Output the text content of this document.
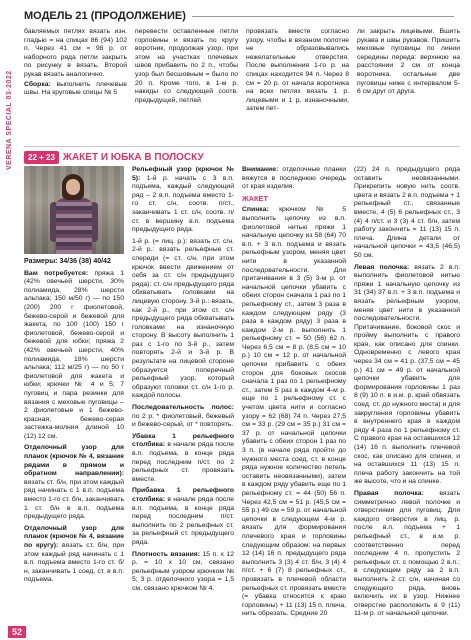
VERENA SPECIAL 03-2022
МОДЕЛЬ 21 (ПРОДОЛЖЕНИЕ)

бавляемых петлях вязать изн. гладью = на спицах 86 (94) 102 п. Через 41 см = 98 р. от наборного ряда петли закрыть по рисунку в вязать. Второй рукав вязать аналогично.

Сборка: выполнить плечевые швы. На круговые спицы № 5

перевести оставленные петли горловины и вязать по кругу воротник, продолжая узор, при этом на участках плечевых швов прибавить по 2 п., чтобы узор был бесшовным = было по 20 п. Кроме того, в 1-м р. накиды со следующей соотв. предыдущей, петлей

провязать вместе согласно узору, чтобы в вязаном полотне не образовывались нежелательные отверстия. После выполнения 1-го р. на спицах находится 94 п. Через 8 см = 20 р. от начала воротника на всех петлях вязать 1 р. лицевыми и 1 р. изнаночными, затем пет-

ли закрыть лицевыми. Вшить рукава и швы рукавов. Пришить меховые пуговицы по линии середины переда: верхнюю на расстоянии 2 см от конца воротника, остальные две пуговицы ниже с интервалом 5-6 см друг от друга.

22 + 23 ЖАКЕТ И ЮБКА В ПОЛОСКУ

Размеры: 34/36 (38) 40/42

Вам потребуется: пряжа 1 (42% овечьей шерсти, 30% полиамида, 28% шерсти альпака; 150 м/50 г) — по 150 (200) 200 г фиолетовой, бежево-серой и бежевой для жакета, по 100 (100) 150 г фиолетовой, бежево-серой и бежевой для юбки; пряжа 2 (42% овечьей шерсти, 40% полиамида, 18% шерсти альпака; 112 м/25 г) — по 50 г фиолетовой для жакета и юбки; крючки № 4 и 5; 7 пуговиц и пара резинки для вязания с меховые пуговицы – 2 фиолетовые и 1 бежево-красная; бежево-серая застежка-молния длиной 10 (12) 12 см.

Отделочный узор для планок (крючок № 4, вязание рядами в прямом и обратном направлении): вязать ст. б/н, при этом каждый ряд начинать с 1 в.п. подъема вместо 1-го ст. б/н, заканчивать 1 ст. б/н в в.п. подъема предыдущего ряда.

Отделочный узор для планок (крючок № 4, вязание по кругу): вязать ст. б/н, при этом каждый ряд начинать с 1 в.п. подъема вместо 1-го ст. б/н, заканчивать 1 соед. ст. в в.п. подъема.

Рельефный узор (крючок № 5): 1-й р. начать с 3 в.п. подъема, каждый следующий ряд – 2 в.п. подъема вместо 1-го ст. с/н, соотв. п/ст., заканчивать 1 ст. с/н, соотв. п/ст. в вершину в.п. подъема предыдущего ряда.

1-й р. (= лиц. р.): вязать ст. с/н. 2-й р.: вязать рельефные ст. спереди (= ст. с/н, при этом крючок ввести движением от себя за ст. с/н предыдущего ряда): ст. с/н предыдущего ряда обхватывать головками на лицевую сторону. 3-й р.: вязать, как 2-й р., при этом ст. с/н предыдущего ряда обхватывать головками на изнаночную сторону. В высоту выполнить 1 раз с 1-го по 3-й р., затем повторять 2-й и 3-й р. В результате на лицевой стороне образуется поперечный рельефный узор, который образуют головки ст. с/н 1-го р. каждой полосы.

Последовательность полос: по 2 р. * фиолетовый, бежевый и бежево-серый, от * повторять.

Убавка 1 рельефного столбика: в начале ряда после в.п. подъема, в конце ряда перед последним п/ст. по 2 рельефных ст. провязать вместе.

Прибавка 1 рельефного столбика: в начале ряда после в.п. подъема, в конце ряда перед последним п/ст. выполнить по 2 рельефных ст. за рельефный ст. предыдущего ряда.

Плотность вязания: 15 п. х 12 р. = 10 х 10 см, связано рельефным узором крючком № 5; 3 р. отделочного узора = 1,5 см, связано крючком № 4.

Внимание: отделочные планки вяжутся в последнюю очередь от края изделия.

ЖАКЕТ

Спинка: крючком № 5 выполнить цепочку из в.п. фиолетовой нитью пряжи 1 начальную цепочку из 58 (64) 70 в.п. + 3 в.п. подъема и вязать рельефным узором, меняя цвет нити в указанной последовательности. Для притачивания в 3 (5) 3-м р. от начальной цепочки убавить с обеих сторон сначала 1 раз по 1 рельефному ст., затем 3 раза в каждом следующем ряду (3 раза в каждом ряду) 3 раза в каждом 2-м р. выполнить 1 рельефному ст. = 50 (56) 62 п. Через 6,5 см = 8 р. (8,5 см = 10 р.) 10 см = 12 р. от начальной цепочки прибавить с обеих сторон для боковых скосов сначала 1 раз по 1 рельефному ст., затем 5 раз в каждом 4-м р. еще по 1 рельефному ст. с учетом цвета нити и согласно узору = 62 (68) 74 п. Через 27,5 см = 33 р. (29 см = 35 р.) 31 см = 37 р. от начальной цепочки убавить с обеих сторон 1 раз по 3 п. (в начале ряда пройти до нужного места соед. ст. в конце ряда нужное количество петель оставить неовязанными), затем в каждом ряду убавить еще по 1 рельефному ст. = 44 (50) 56 п. Через 42,5 см = 51 р. (45,5 см = 55 р.) 49 см = 59 р. от начальной цепочки в следующем 4-м р. вязать для формирования плечевого края и горловины следующим образом: на первых 12 (14) 16 п. предыдущего ряда выполнить 3 (3) 4 ст. б/н, 3 (4) 4 п/ст. + 6 (7) 8 рельефных ст., провязать в плечевой области рельефных ст. провязать вместе (= убавка относится к краю горловины) + 11 (13) 15 п. плеча, нить обрезать. Средние 20

(22) 24 п. предыдущего ряда оставить неовязанными. Прикрепить новую нить соотв. цвета и вязать 2 в.п. подъема + 1 рельефный ст., связанные вместе, 4 (5) 6 рельефных ст., 3 (4) 4 п/ст. и 3 (3) 4 ст. б/н, затем работу закончить = 11 (13) 15 п. плеча. Длина детали от начальной цепочки = 43,5 (46,5) 50 см.

Левая полочка: вязать 2 в.п. выполнить фиолетовой нитью пряжи 1 начальную цепочку из 31 (34) 37 в.п. + 3 в.п. подъема и вязать рельефным узором, меняя цвет нити в указанной последовательности. Притачивание, боковой скос и пройму выполнить с правого края, как описано для спинки. Одновременно с левого края через 34 см = 41 р. (37,5 см = 45 р.) 41 см = 49 р. от начальной цепочки убавить для формирования горловины 1 раз 8 (9) 10 п. в и.м. р. край обвязать соед. ст. до нужного места) и для закругления горловины убавить в внутреннего края в каждом ряду 4 раза по 1 рельефному ст. С правого края на оставшихся 12 (14) 16 п. выполнить плечевой скос, как описано для спинки, и на оставшихся 11 (13) 15 п. плеча работу закончить на той же высоте, что и на спинке.

Правая полочка: вязать симметрично левой полочке и отверстиями для пуговиц. Для каждого отверстия в лиц. р. после в.п. подъема + 1 рельефный ст., в и.м. р. соответственно перед последним 4 п. пропустить 2 рельефных ст. с помощью 2 в.п.; в следующем ряду за 2 в.п. выполнить 2 ст. с/н, начиная со следующего ряда, вновь включить их в узор. Нижнее отверстие расположить в 9 (11) 11-м р. от начальной цепочки.

52
